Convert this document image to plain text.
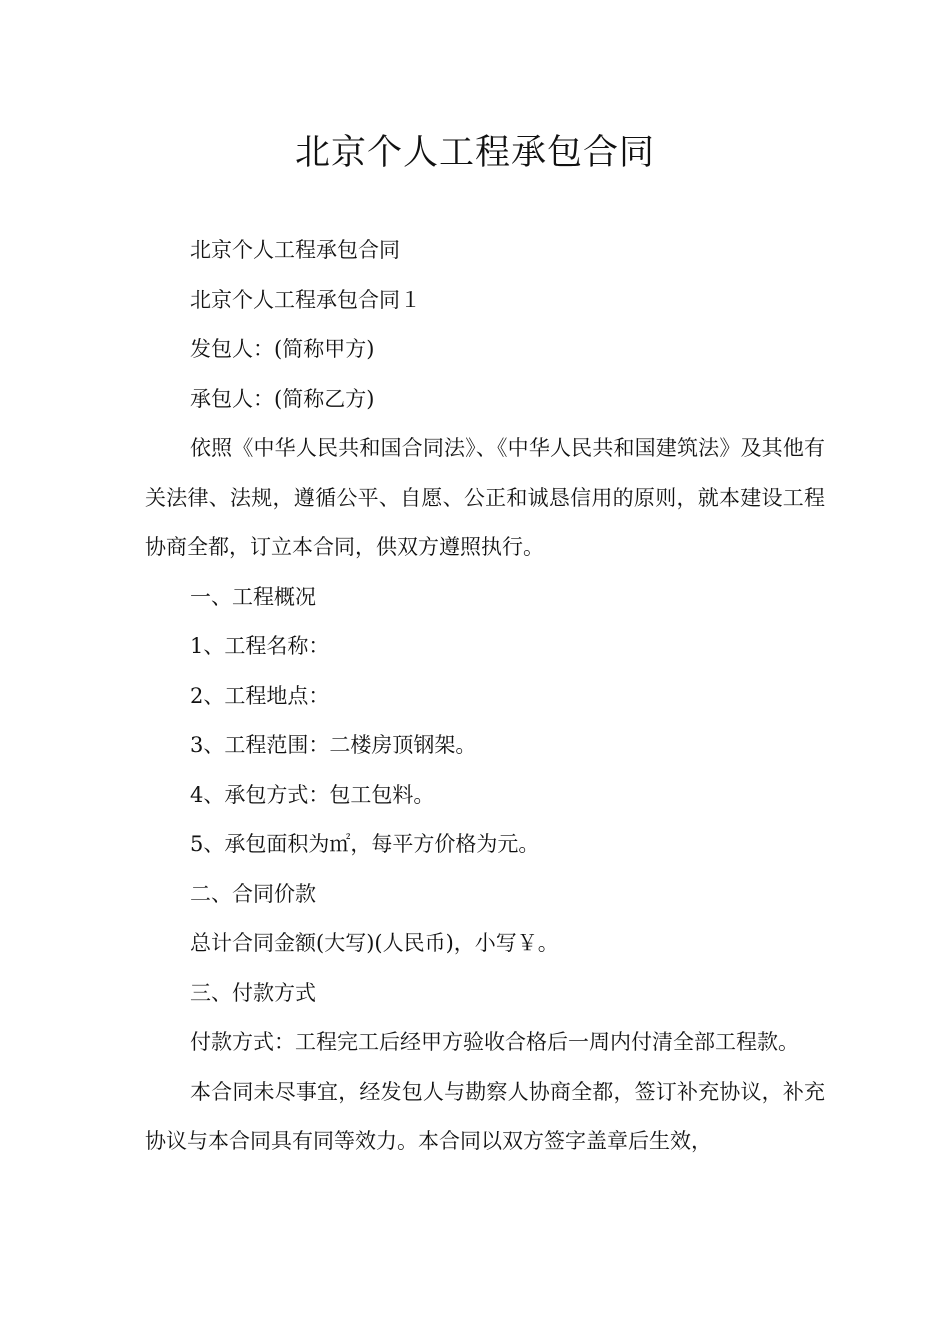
北京个人工程承包合同

北京个人工程承包合同

北京个人工程承包合同１

发包人：(简称甲方)

承包人：(简称乙方)

依照《中华人民共和国合同法》、《中华人民共和国建筑法》及其他有关法律、法规，遵循公平、自愿、公正和诚恳信用的原则，就本建设工程协商全都，订立本合同，供双方遵照执行。

一、工程概况

1、工程名称：

2、工程地点：

3、工程范围：二楼房顶钢架。

4、承包方式：包工包料。

5、承包面积为㎡，每平方价格为元。

二、合同价款

总计合同金额(大写)(人民币)，小写￥。

三、付款方式

付款方式：工程完工后经甲方验收合格后一周内付清全部工程款。

本合同未尽事宜，经发包人与勘察人协商全都，签订补充协议，补充协议与本合同具有同等效力。本合同以双方签字盖章后生效，
